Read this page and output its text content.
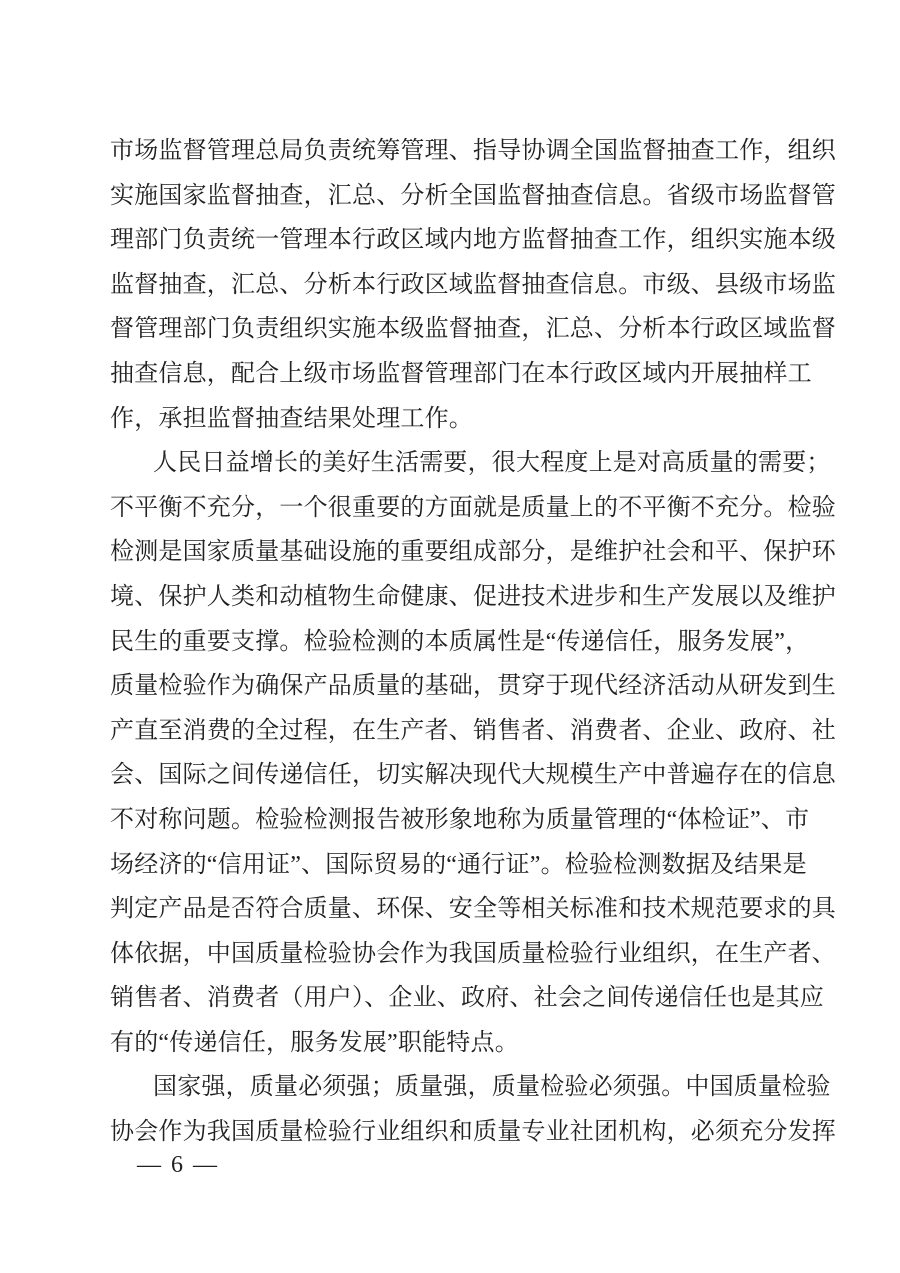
市场监督管理总局负责统筹管理、指导协调全国监督抽查工作，组织
实施国家监督抽查，汇总、分析全国监督抽查信息。省级市场监督管
理部门负责统一管理本行政区域内地方监督抽查工作，组织实施本级
监督抽查，汇总、分析本行政区域监督抽查信息。市级、县级市场监
督管理部门负责组织实施本级监督抽查，汇总、分析本行政区域监督
抽查信息，配合上级市场监督管理部门在本行政区域内开展抽样工
作，承担监督抽查结果处理工作。
人民日益增长的美好生活需要，很大程度上是对高质量的需要；
不平衡不充分，一个很重要的方面就是质量上的不平衡不充分。检验
检测是国家质量基础设施的重要组成部分，是维护社会和平、保护环
境、保护人类和动植物生命健康、促进技术进步和生产发展以及维护
民生的重要支撑。检验检测的本质属性是“传递信任，服务发展”，
质量检验作为确保产品质量的基础，贯穿于现代经济活动从研发到生
产直至消费的全过程，在生产者、销售者、消费者、企业、政府、社
会、国际之间传递信任，切实解决现代大规模生产中普遍存在的信息
不对称问题。检验检测报告被形象地称为质量管理的“体检证”、市
场经济的“信用证”、国际贸易的“通行证”。检验检测数据及结果是
判定产品是否符合质量、环保、安全等相关标准和技术规范要求的具
体依据，中国质量检验协会作为我国质量检验行业组织，在生产者、
销售者、消费者（用户）、企业、政府、社会之间传递信任也是其应
有的“传递信任，服务发展”职能特点。
国家强，质量必须强；质量强，质量检验必须强。中国质量检验
协会作为我国质量检验行业组织和质量专业社团机构，必须充分发挥
— 6 —
